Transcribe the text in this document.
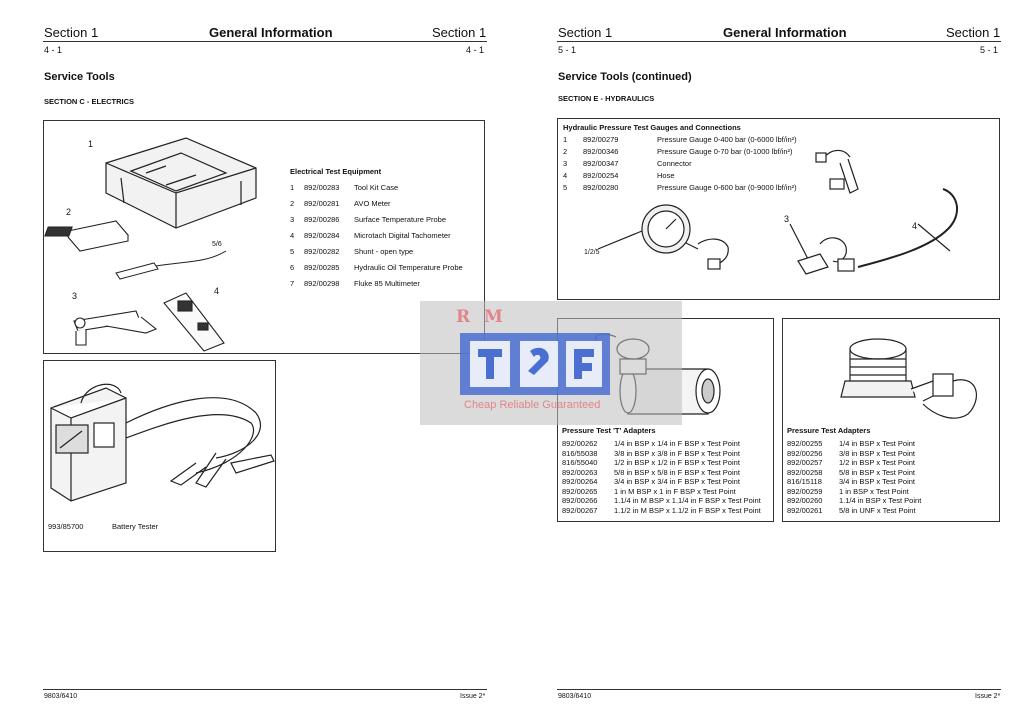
Section 1	General Information	Section 1
4 - 1	4 - 1
Service Tools
SECTION C - ELECTRICS
1
2
5/6
3	4
Electrical Test Equipment
1 892/00283 Tool Kit Case
2 892/00281 AVO Meter
3 892/00286 Surface Temperature Probe
4 892/00284 Microtach Digital Tachometer
5 892/00282 Shunt - open type
6 892/00285 Hydraulic Oil Temperature Probe
7 892/00298 Fluke 85 Multimeter
993/85700	Battery Tester
9803/6410	Issue 2*
Section 1	General Information	Section 1
5 - 1	5 - 1
Service Tools (continued)
SECTION E - HYDRAULICS
Hydraulic Pressure Test Gauges and Connections
1 892/00279	Pressure Gauge 0-400 bar (0-6000 lbf/in²)
2 892/00346	Pressure Gauge 0-70 bar (0-1000 lbf/in²)
3 892/00347	Connector
4 892/00254	Hose
5 892/00280	Pressure Gauge 0-600 bar (0-9000 lbf/in²)
1/2/5
3
4
Pressure Test 'T' Adapters
892/00262 1/4 in BSP x 1/4 in F BSP x Test Point
816/55038 3/8 in BSP x 3/8 in F BSP x Test Point
816/55040 1/2 in BSP x 1/2 in F BSP x Test Point
892/00263 5/8 in BSP x 5/8 in F BSP x Test Point
892/00264 3/4 in BSP x 3/4 in F BSP x Test Point
892/00265 1 in M BSP x 1 in F BSP x Test Point
892/00266 1.1/4 in M BSP x 1.1/4 in F BSP x Test Point
892/00267 1.1/2 in M BSP x 1.1/2 in F BSP x Test Point
Pressure Test Adapters
892/00255 1/4 in BSP x Test Point
892/00256 3/8 in BSP x Test Point
892/00257 1/2 in BSP x Test Point
892/00258 5/8 in BSP x Test Point
816/15118 3/4 in BSP x Test Point
892/00259 1 in BSP x Test Point
892/00260 1.1/4 in BSP x Test Point
892/00261 5/8 in UNF x Test Point
9803/6410	Issue 2*
R M
Cheap Reliable Guaranteed
